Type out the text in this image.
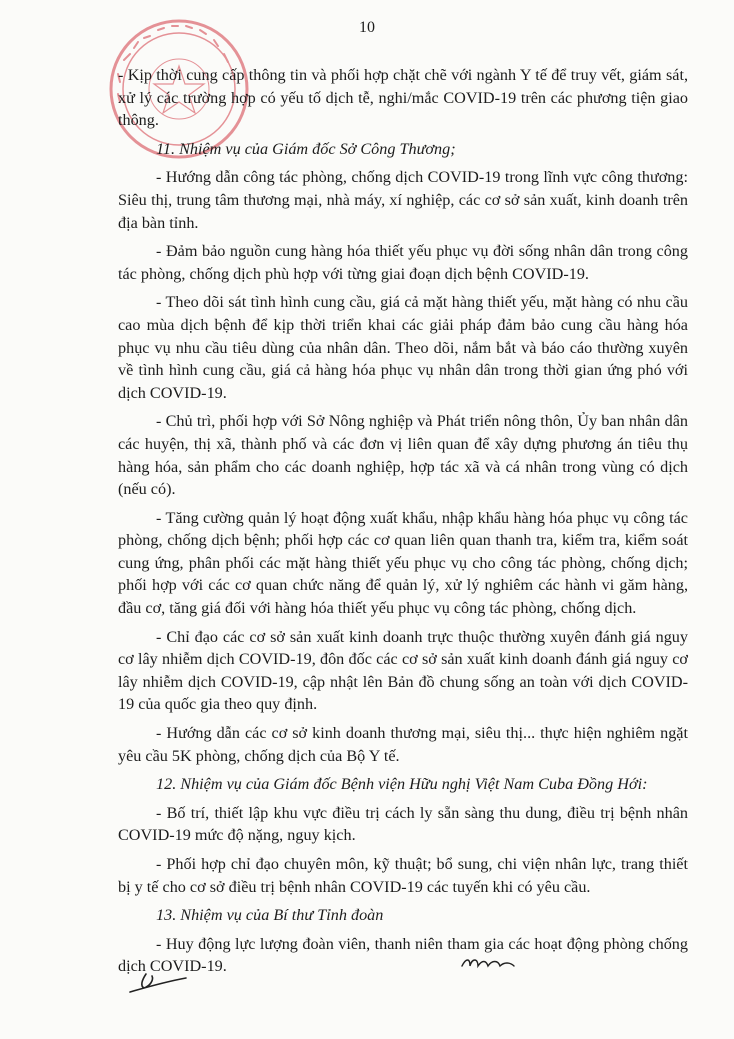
10

- Kịp thời cung cấp thông tin và phối hợp chặt chẽ với ngành Y tế để truy vết, giám sát, xử lý các trường hợp có yếu tố dịch tễ, nghi/mắc COVID-19 trên các phương tiện giao thông.

11. Nhiệm vụ của Giám đốc Sở Công Thương;

- Hướng dẫn công tác phòng, chống dịch COVID-19 trong lĩnh vực công thương: Siêu thị, trung tâm thương mại, nhà máy, xí nghiệp, các cơ sở sản xuất, kinh doanh trên địa bàn tỉnh.

- Đảm bảo nguồn cung hàng hóa thiết yếu phục vụ đời sống nhân dân trong công tác phòng, chống dịch phù hợp với từng giai đoạn dịch bệnh COVID-19.

- Theo dõi sát tình hình cung cầu, giá cả mặt hàng thiết yếu, mặt hàng có nhu cầu cao mùa dịch bệnh để kịp thời triển khai các giải pháp đảm bảo cung cầu hàng hóa phục vụ nhu cầu tiêu dùng của nhân dân. Theo dõi, nắm bắt và báo cáo thường xuyên về tình hình cung cầu, giá cả hàng hóa phục vụ nhân dân trong thời gian ứng phó với dịch COVID-19.

- Chủ trì, phối hợp với Sở Nông nghiệp và Phát triển nông thôn, Ủy ban nhân dân các huyện, thị xã, thành phố và các đơn vị liên quan để xây dựng phương án tiêu thụ hàng hóa, sản phẩm cho các doanh nghiệp, hợp tác xã và cá nhân trong vùng có dịch (nếu có).

- Tăng cường quản lý hoạt động xuất khẩu, nhập khẩu hàng hóa phục vụ công tác phòng, chống dịch bệnh; phối hợp các cơ quan liên quan thanh tra, kiểm tra, kiểm soát cung ứng, phân phối các mặt hàng thiết yếu phục vụ cho công tác phòng, chống dịch; phối hợp với các cơ quan chức năng để quản lý, xử lý nghiêm các hành vi găm hàng, đầu cơ, tăng giá đối với hàng hóa thiết yếu phục vụ công tác phòng, chống dịch.

- Chỉ đạo các cơ sở sản xuất kinh doanh trực thuộc thường xuyên đánh giá nguy cơ lây nhiễm dịch COVID-19, đôn đốc các cơ sở sản xuất kinh doanh đánh giá nguy cơ lây nhiễm dịch COVID-19, cập nhật lên Bản đồ chung sống an toàn với dịch COVID-19 của quốc gia theo quy định.

- Hướng dẫn các cơ sở kinh doanh thương mại, siêu thị... thực hiện nghiêm ngặt yêu cầu 5K phòng, chống dịch của Bộ Y tế.

12. Nhiệm vụ của Giám đốc Bệnh viện Hữu nghị Việt Nam Cuba Đồng Hới:

- Bố trí, thiết lập khu vực điều trị cách ly sẵn sàng thu dung, điều trị bệnh nhân COVID-19 mức độ nặng, nguy kịch.

- Phối hợp chỉ đạo chuyên môn, kỹ thuật; bổ sung, chi viện nhân lực, trang thiết bị y tế cho cơ sở điều trị bệnh nhân COVID-19 các tuyến khi có yêu cầu.

13. Nhiệm vụ của Bí thư Tỉnh đoàn

- Huy động lực lượng đoàn viên, thanh niên tham gia các hoạt động phòng chống dịch COVID-19.
